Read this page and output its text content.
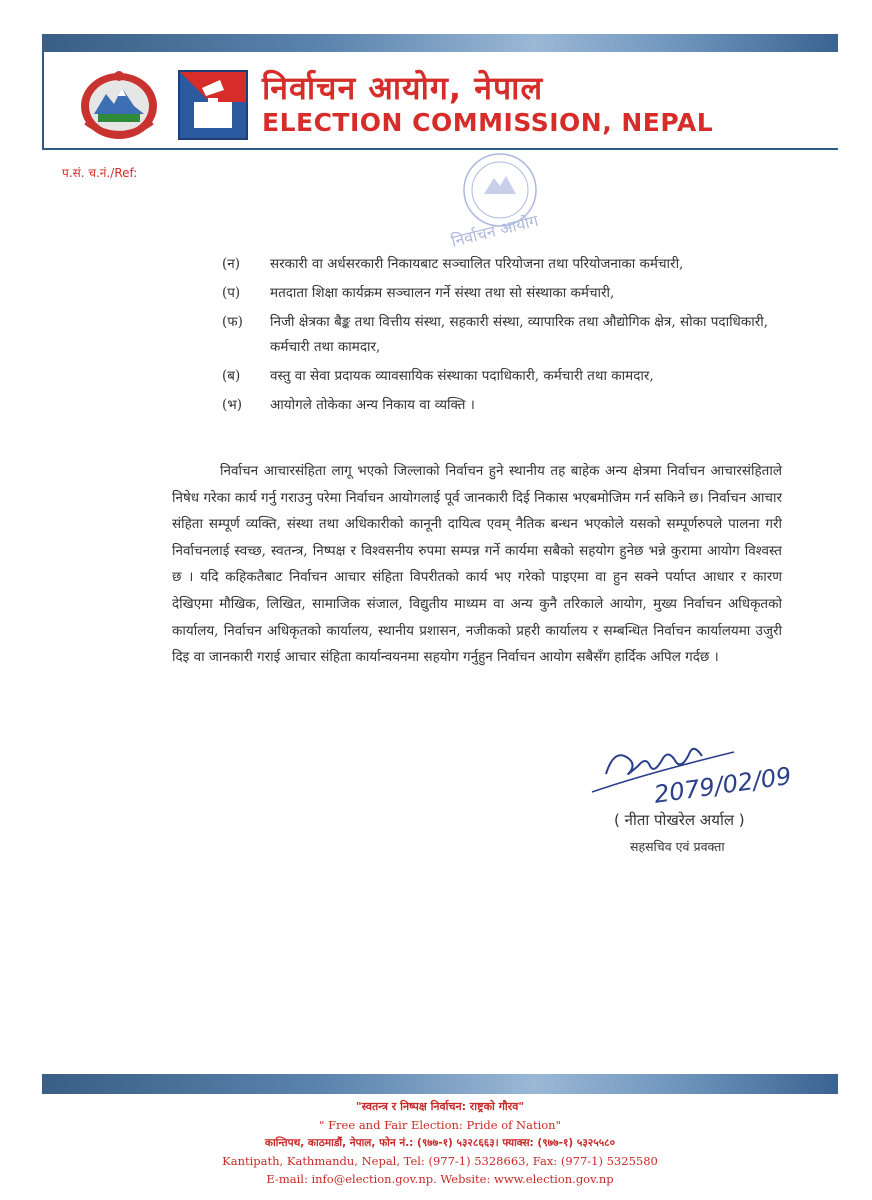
निर्वाचन आयोग, नेपाल
ELECTION COMMISSION, NEPAL
प.सं. च.नं./Ref:
निर्वाचन आयोग
(न)	सरकारी वा अर्धसरकारी निकायबाट सञ्चालित परियोजना तथा परियोजनाका कर्मचारी,
(प)	मतदाता शिक्षा कार्यक्रम सञ्चालन गर्ने संस्था तथा सो संस्थाका कर्मचारी,
(फ)	निजी क्षेत्रका बैङ्क तथा वित्तीय संस्था, सहकारी संस्था, व्यापारिक तथा औद्योगिक क्षेत्र, सोका पदाधिकारी, कर्मचारी तथा कामदार,
(ब)	वस्तु वा सेवा प्रदायक व्यावसायिक संस्थाका पदाधिकारी, कर्मचारी तथा कामदार,
(भ)	आयोगले तोकेका अन्य निकाय वा व्यक्ति ।

निर्वाचन आचारसंहिता लागू भएको जिल्लाको निर्वाचन हुने स्थानीय तह बाहेक अन्य क्षेत्रमा निर्वाचन आचारसंहिताले निषेध गरेका कार्य गर्नु गराउनु परेमा निर्वाचन आयोगलाई पूर्व जानकारी दिई निकास भएबमोजिम गर्न सकिने छ। निर्वाचन आचार संहिता सम्पूर्ण व्यक्ति, संस्था तथा अधिकारीको कानूनी दायित्व एवम् नैतिक बन्धन भएकोले यसको सम्पूर्णरुपले पालना गरी निर्वाचनलाई स्वच्छ, स्वतन्त्र, निष्पक्ष र विश्वसनीय रुपमा सम्पन्न गर्ने कार्यमा सबैको सहयोग हुनेछ भन्ने कुरामा आयोग विश्वस्त छ । यदि कहिकतैबाट निर्वाचन आचार संहिता विपरीतको कार्य भए गरेको पाइएमा वा हुन सक्ने पर्याप्त आधार र कारण देखिएमा मौखिक, लिखित, सामाजिक संजाल, विद्युतीय माध्यम वा अन्य कुनै तरिकाले आयोग, मुख्य निर्वाचन अधिकृतको कार्यालय, निर्वाचन अधिकृतको कार्यालय, स्थानीय प्रशासन, नजीकको प्रहरी कार्यालय र सम्बन्धित निर्वाचन कार्यालयमा उजुरी दिइ वा जानकारी गराई आचार संहिता कार्यान्वयनमा सहयोग गर्नुहुन निर्वाचन आयोग सबैसँग हार्दिक अपिल गर्दछ ।

2079/02/09
( नीता पोखरेल अर्याल )
सहसचिव एवं प्रवक्ता
"स्वतन्त्र र निष्पक्ष निर्वाचन: राष्ट्रको गौरव"
" Free and Fair Election: Pride of Nation"
कान्तिपथ, काठमाडौं, नेपाल, फोन नं.: (९७७-१) ५३२८६६३। फ्याक्स: (९७७-१) ५३२५५८०
Kantipath, Kathmandu, Nepal, Tel: (977-1) 5328663, Fax: (977-1) 5325580
E-mail: info@election.gov.np. Website: www.election.gov.np
